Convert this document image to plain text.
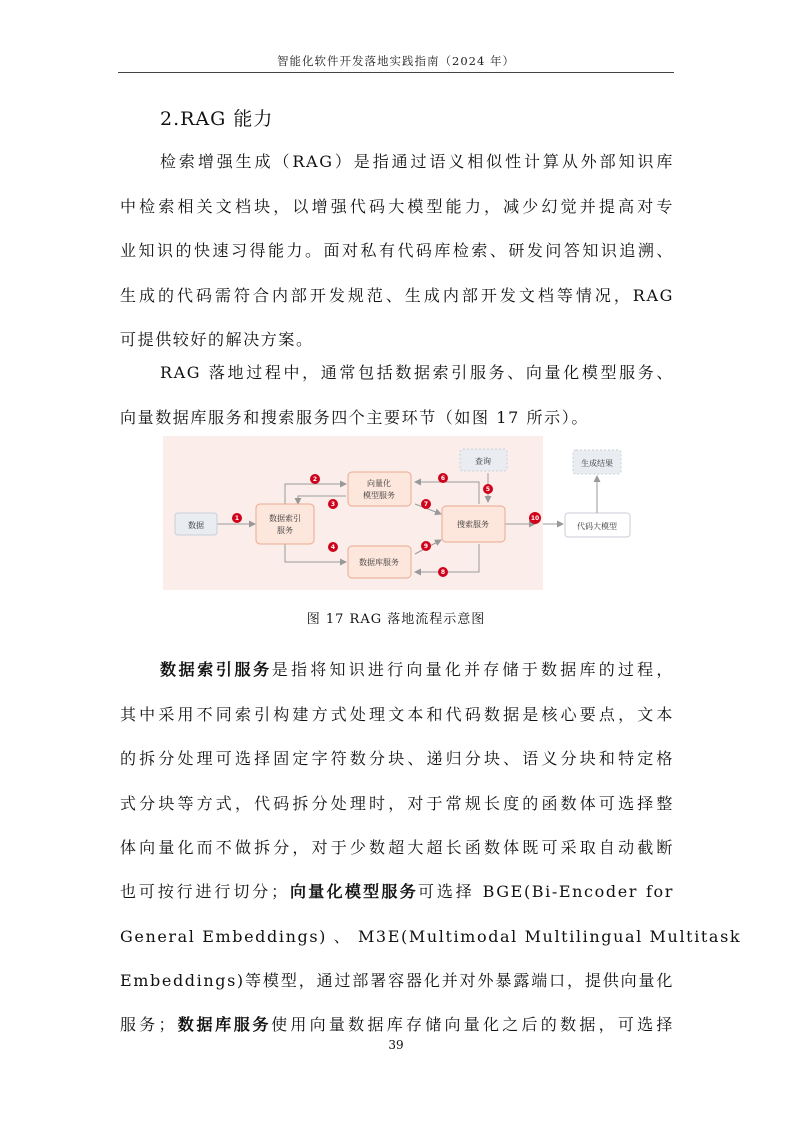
智能化软件开发落地实践指南（2024 年）
2.RAG 能力
检索增强生成（RAG）是指通过语义相似性计算从外部知识库
中检索相关文档块，以增强代码大模型能力，减少幻觉并提高对专
业知识的快速习得能力。面对私有代码库检索、研发问答知识追溯、
生成的代码需符合内部开发规范、生成内部开发文档等情况，RAG
可提供较好的解决方案。
RAG 落地过程中，通常包括数据索引服务、向量化模型服务、
向量数据库服务和搜索服务四个主要环节（如图 17 所示）。
数据
数据索引
服务
向量化
模型服务
数据库服务
查询
搜索服务
1
2
3
4
5
6
7
8
9
10
代码大模型
生成结果
图 17 RAG 落地流程示意图
数据索引服务是指将知识进行向量化并存储于数据库的过程，
其中采用不同索引构建方式处理文本和代码数据是核心要点，文本
的拆分处理可选择固定字符数分块、递归分块、语义分块和特定格
式分块等方式，代码拆分处理时，对于常规长度的函数体可选择整
体向量化而不做拆分，对于少数超大超长函数体既可采取自动截断
也可按行进行切分；向量化模型服务可选择 BGE(Bi-Encoder for
General Embeddings) 、 M3E(Multimodal Multilingual Multitask
Embeddings)等模型，通过部署容器化并对外暴露端口，提供向量化
服务；数据库服务使用向量数据库存储向量化之后的数据，可选择
39
